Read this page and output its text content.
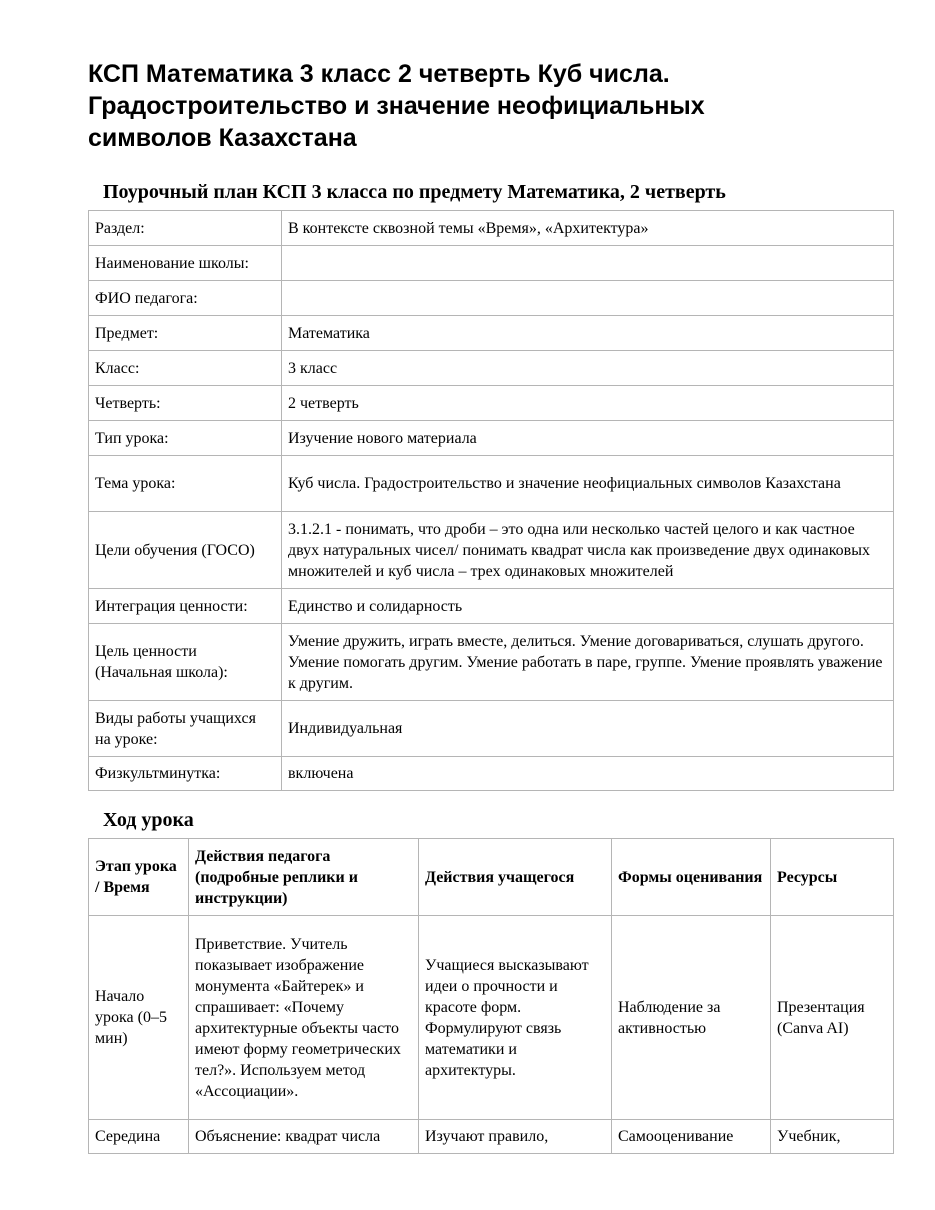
КСП Математика 3 класс 2 четверть Куб числа.
Градостроительство и значение неофициальных
символов Казахстана
Поурочный план КСП 3 класса по предмету Математика, 2 четверть
Раздел:	В контексте сквозной темы «Время», «Архитектура»
Наименование школы:	
ФИО педагога:	
Предмет:	Математика
Класс:	3 класс
Четверть:	2 четверть
Тип урока:	Изучение нового материала
Тема урока:	Куб числа. Градостроительство и значение неофициальных символов Казахстана
Цели обучения (ГОСО)	3.1.2.1 - понимать, что дроби – это одна или несколько частей целого и как частное двух натуральных чисел/ понимать квадрат числа как произведение двух одинаковых множителей и куб числа – трех одинаковых множителей
Интеграция ценности:	Единство и солидарность
Цель ценности (Начальная школа):	Умение дружить, играть вместе, делиться. Умение договариваться, слушать другого. Умение помогать другим. Умение работать в паре, группе. Умение проявлять уважение к другим.
Виды работы учащихся на уроке:	Индивидуальная
Физкультминутка:	включена
Ход урока
Этап урока / Время	Действия педагога (подробные реплики и инструкции)	Действия учащегося	Формы оценивания	Ресурсы
Начало урока (0–5 мин)	Приветствие. Учитель показывает изображение монумента «Байтерек» и спрашивает: «Почему архитектурные объекты часто имеют форму геометрических тел?». Используем метод «Ассоциации».	Учащиеся высказывают идеи о прочности и красоте форм. Формулируют связь математики и архитектуры.	Наблюдение за активностью	Презентация (Canva AI)
Середина	Объяснение: квадрат числа	Изучают правило,	Самооценивание	Учебник,
